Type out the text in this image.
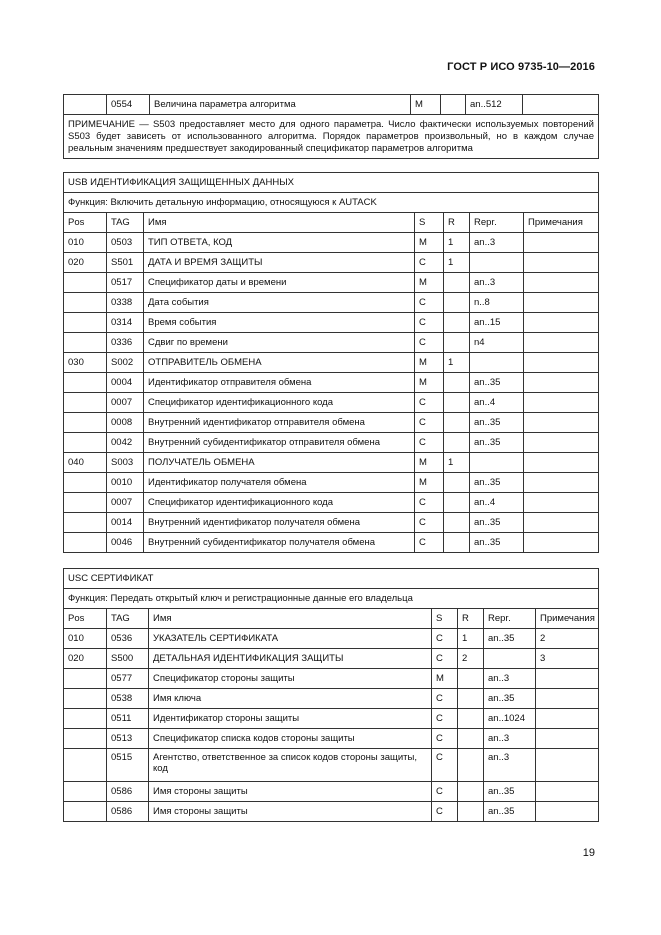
ГОСТ Р ИСО 9735-10—2016
	0554	Величина параметра алгоритма	M		an..512	
ПРИМЕЧАНИЕ — S503 предоставляет место для одного параметра. Число фактически используемых повторений S503 будет зависеть от использованного алгоритма. Порядок параметров произвольный, но в каждом случае реальным значениям предшествует закодированный спецификатор параметров алгоритма
USB ИДЕНТИФИКАЦИЯ ЗАЩИЩЕННЫХ ДАННЫХ						
Функция: Включить детальную информацию, относящуюся к AUTACK						
Pos	TAG	Имя	S	R	Repr.	Примечания
010	0503	ТИП ОТВЕТА, КОД	M	1	an..3	
020	S501	ДАТА И ВРЕМЯ ЗАЩИТЫ	C	1		
	0517	Спецификатор даты и времени	M		an..3	
	0338	Дата события	C		n..8	
	0314	Время события	C		an..15	
	0336	Сдвиг по времени	C		n4	
030	S002	ОТПРАВИТЕЛЬ ОБМЕНА	M	1		
	0004	Идентификатор отправителя обмена	M		an..35	
	0007	Спецификатор идентификационного кода	C		an..4	
	0008	Внутренний идентификатор отправителя обмена	C		an..35	
	0042	Внутренний субидентификатор отправителя обмена	C		an..35	
040	S003	ПОЛУЧАТЕЛЬ ОБМЕНА	M	1		
	0010	Идентификатор получателя обмена	M		an..35	
	0007	Спецификатор идентификационного кода	C		an..4	
	0014	Внутренний идентификатор получателя обмена	C		an..35	
	0046	Внутренний субидентификатор получателя обмена	C		an..35	
USC СЕРТИФИКАТ						
Функция: Передать открытый ключ и регистрационные данные его владельца						
Pos	TAG	Имя	S	R	Repr.	Примечания
010	0536	УКАЗАТЕЛЬ СЕРТИФИКАТА	C	1	an..35	2
020	S500	ДЕТАЛЬНАЯ ИДЕНТИФИКАЦИЯ ЗАЩИТЫ	C	2		3
	0577	Спецификатор стороны защиты	M		an..3	
	0538	Имя ключа	C		an..35	
	0511	Идентификатор стороны защиты	C		an..1024	
	0513	Спецификатор списка кодов стороны защиты	C		an..3	
	0515	Агентство, ответственное за список кодов стороны защиты, код	C		an..3	
	0586	Имя стороны защиты	C		an..35	
	0586	Имя стороны защиты	C		an..35	
19
